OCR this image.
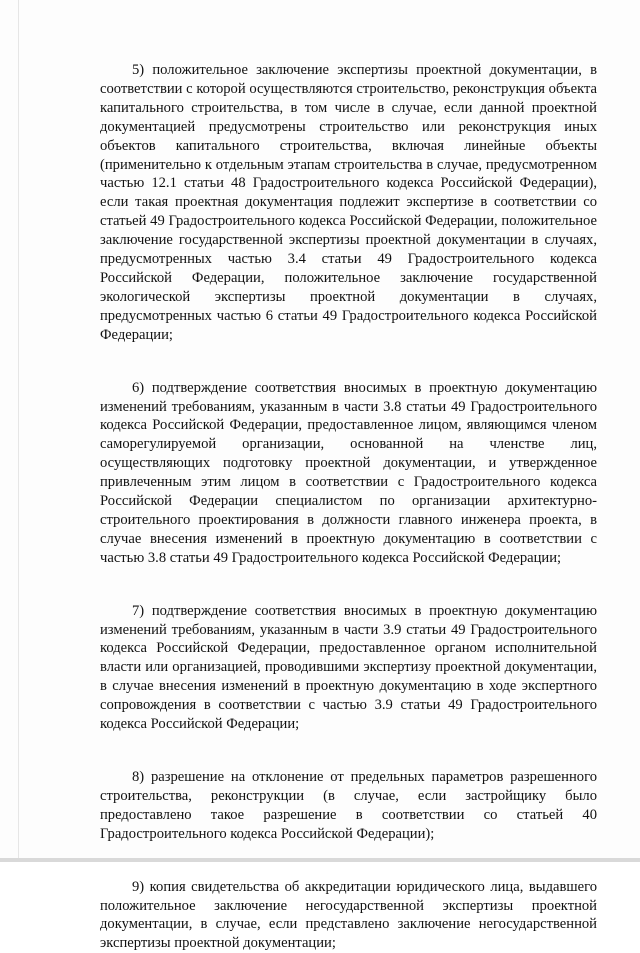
5) положительное заключение экспертизы проектной документации, в соответствии с которой осуществляются строительство, реконструкция объекта капитального строительства, в том числе в случае, если данной проектной документацией предусмотрены строительство или реконструкция иных объектов капитального строительства, включая линейные объекты (применительно к отдельным этапам строительства в случае, предусмотренном частью 12.1 статьи 48 Градостроительного кодекса Российской Федерации), если такая проектная документация подлежит экспертизе в соответствии со статьей 49 Градостроительного кодекса Российской Федерации, положительное заключение государственной экспертизы проектной документации в случаях, предусмотренных частью 3.4 статьи 49 Градостроительного кодекса Российской Федерации, положительное заключение государственной экологической экспертизы проектной документации в случаях, предусмотренных частью 6 статьи 49 Градостроительного кодекса Российской Федерации;

6) подтверждение соответствия вносимых в проектную документацию изменений требованиям, указанным в части 3.8 статьи 49 Градостроительного кодекса Российской Федерации, предоставленное лицом, являющимся членом саморегулируемой организации, основанной на членстве лиц, осуществляющих подготовку проектной документации, и утвержденное привлеченным этим лицом в соответствии с Градостроительного кодекса Российской Федерации специалистом по организации архитектурно-строительного проектирования в должности главного инженера проекта, в случае внесения изменений в проектную документацию в соответствии с частью 3.8 статьи 49 Градостроительного кодекса Российской Федерации;

7) подтверждение соответствия вносимых в проектную документацию изменений требованиям, указанным в части 3.9 статьи 49 Градостроительного кодекса Российской Федерации, предоставленное органом исполнительной власти или организацией, проводившими экспертизу проектной документации, в случае внесения изменений в проектную документацию в ходе экспертного сопровождения в соответствии с частью 3.9 статьи 49 Градостроительного кодекса Российской Федерации;

8) разрешение на отклонение от предельных параметров разрешенного строительства, реконструкции (в случае, если застройщику было предоставлено такое разрешение в соответствии со статьей 40 Градостроительного кодекса Российской Федерации);

9) копия свидетельства об аккредитации юридического лица, выдавшего положительное заключение негосударственной экспертизы проектной документации, в случае, если представлено заключение негосударственной экспертизы проектной документации;
